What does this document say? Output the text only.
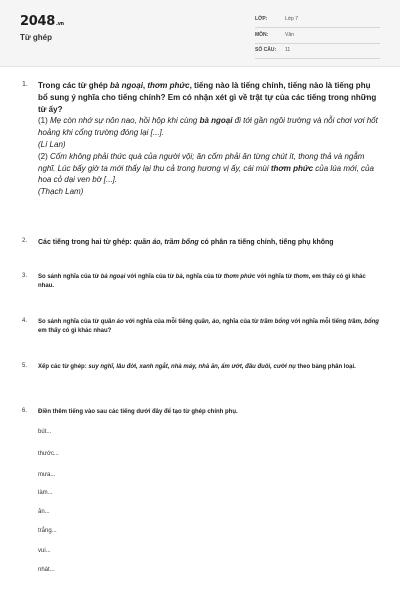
2048.vn
Từ ghép
LỚP:	Lớp 7
MÔN:	Văn
SỐ CÂU: 11
1. Trong các từ ghép bà ngoại, thơm phức, tiếng nào là tiếng chính, tiếng nào là tiếng phụ bổ sung ý nghĩa cho tiếng chính? Em có nhận xét gì về trật tự của các tiếng trong những từ ấy?
(1) Mẹ còn nhớ sự nôn nao, hồi hộp khi cùng bà ngoại đi tới gần ngôi trường và nỗi chơi vơi hốt hoảng khi cổng trường đóng lại [...].
(Lí Lan)
(2) Cốm không phải thức quà của người vội; ăn cốm phải ăn từng chút ít, thong thả và ngẫm nghĩ. Lúc bấy giờ ta mới thấy lại thu cả trong hương vị ấy, cái mùi thơm phức của lúa mới, của hoa cỏ dại ven bờ [...].
(Thạch Lam)
2. Các tiếng trong hai từ ghép: quần áo, trầm bổng có phân ra tiếng chính, tiếng phụ không
3. So sánh nghĩa của từ bà ngoại với nghĩa của từ bà, nghĩa của từ thơm phức với nghĩa từ thơm, em thấy có gì khác nhau.
4. So sánh nghĩa của từ quần áo với nghĩa của mỗi tiếng quần, áo, nghĩa của từ trầm bổng với nghĩa mỗi tiếng trầm, bổng em thấy có gì khác nhau?
5. Xếp các từ ghép: suy nghĩ, lâu đời, xanh ngắt, nhà máy, nhà ăn, ẩm ướt, đầu đuôi, cười nụ theo bảng phân loại.
6. Điền thêm tiếng vào sau các tiếng dưới đây để tạo từ ghép chính phụ.
bút...
thước...
mưa...
làm...
ăn...
trắng...
vui...
nhát...
